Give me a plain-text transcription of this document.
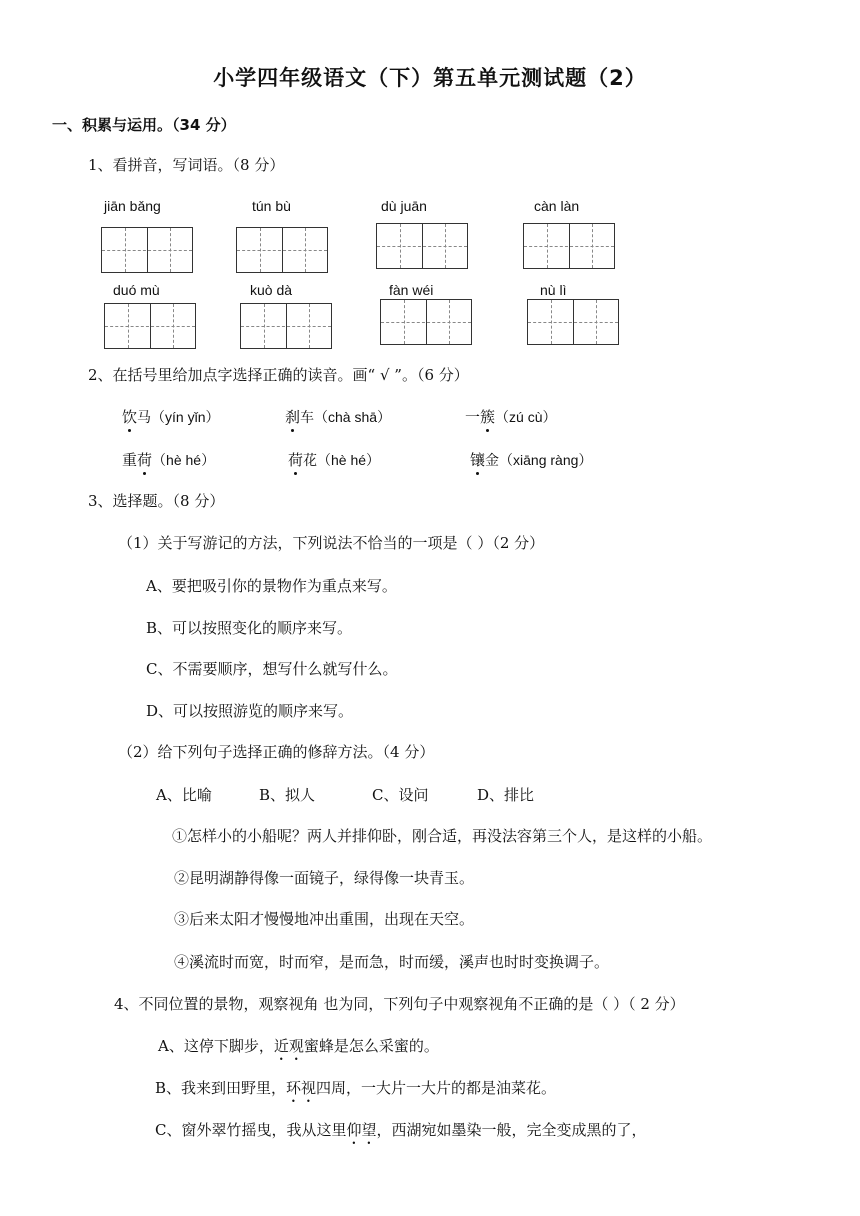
小学四年级语文（下）第五单元测试题（2）
一、积累与运用。（34 分）
1、看拼音，写词语。（8 分）
jiān bǎng	tún bù	dù juān	càn làn
duó mù	kuò dà	fàn wéi	nù lì
2、在括号里给加点字选择正确的读音。画“ √ ”。（6 分）
饮马（yín yǐn）	刹车（chà shā）	一簇（zú cù）
重荷（hè hé）	荷花（hè hé）	镶金（xiāng ràng）
3、选择题。（8 分）
（1）关于写游记的方法，下列说法不恰当的一项是（ ）（2 分）
A、要把吸引你的景物作为重点来写。
B、可以按照变化的顺序来写。
C、不需要顺序，想写什么就写什么。
D、可以按照游览的顺序来写。
（2）给下列句子选择正确的修辞方法。（4 分）
A、比喻	B、拟人	C、设问	D、排比
①怎样小的小船呢？两人并排仰卧，刚合适，再没法容第三个人，是这样的小船。
②昆明湖静得像一面镜子，绿得像一块青玉。
③后来太阳才慢慢地冲出重围，出现在天空。
④溪流时而宽，时而窄，是而急，时而缓，溪声也时时变换调子。
4、不同位置的景物，观察视角 也为同，下列句子中观察视角不正确的是（ ）（ 2 分）
A、这停下脚步，近观蜜蜂是怎么采蜜的。
B、我来到田野里，环视四周，一大片一大片的都是油菜花。
C、窗外翠竹摇曳，我从这里仰望，西湖宛如墨染一般，完全变成黑的了，
